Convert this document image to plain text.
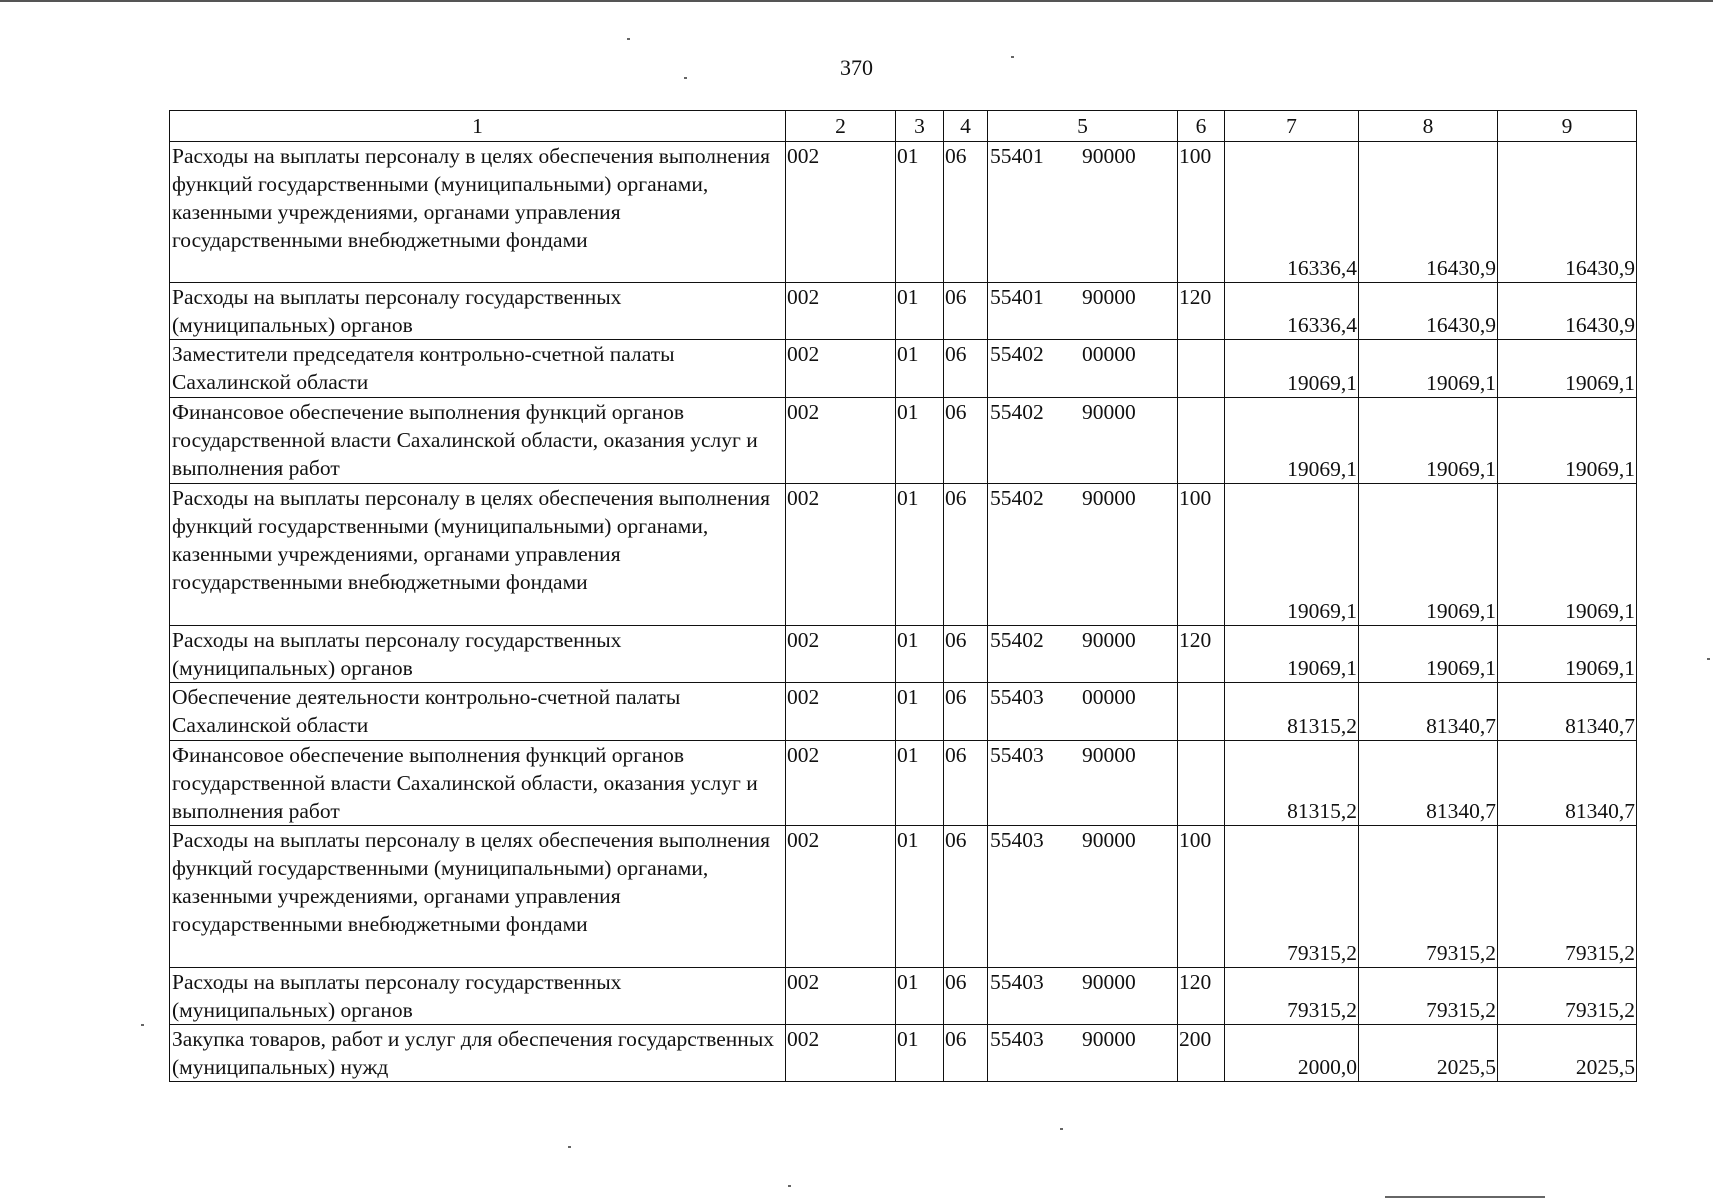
370
1	2	3	4	5	6	7	8	9
Расходы на выплаты персоналу в целях обеспечения выполнения функций государственными (муниципальными) органами, казенными учреждениями, органами управления государственными внебюджетными фондами	002	01	06	55401 90000	100	16336,4	16430,9	16430,9
Расходы на выплаты персоналу государственных (муниципальных) органов	002	01	06	55401 90000	120	16336,4	16430,9	16430,9
Заместители председателя контрольно-счетной палаты Сахалинской области	002	01	06	55402 00000		19069,1	19069,1	19069,1
Финансовое обеспечение выполнения функций органов государственной власти Сахалинской области, оказания услуг и выполнения работ	002	01	06	55402 90000		19069,1	19069,1	19069,1
Расходы на выплаты персоналу в целях обеспечения выполнения функций государственными (муниципальными) органами, казенными учреждениями, органами управления государственными внебюджетными фондами	002	01	06	55402 90000	100	19069,1	19069,1	19069,1
Расходы на выплаты персоналу государственных (муниципальных) органов	002	01	06	55402 90000	120	19069,1	19069,1	19069,1
Обеспечение деятельности контрольно-счетной палаты Сахалинской области	002	01	06	55403 00000		81315,2	81340,7	81340,7
Финансовое обеспечение выполнения функций органов государственной власти Сахалинской области, оказания услуг и выполнения работ	002	01	06	55403 90000		81315,2	81340,7	81340,7
Расходы на выплаты персоналу в целях обеспечения выполнения функций государственными (муниципальными) органами, казенными учреждениями, органами управления государственными внебюджетными фондами	002	01	06	55403 90000	100	79315,2	79315,2	79315,2
Расходы на выплаты персоналу государственных (муниципальных) органов	002	01	06	55403 90000	120	79315,2	79315,2	79315,2
Закупка товаров, работ и услуг для обеспечения государственных (муниципальных) нужд	002	01	06	55403 90000	200	2000,0	2025,5	2025,5
